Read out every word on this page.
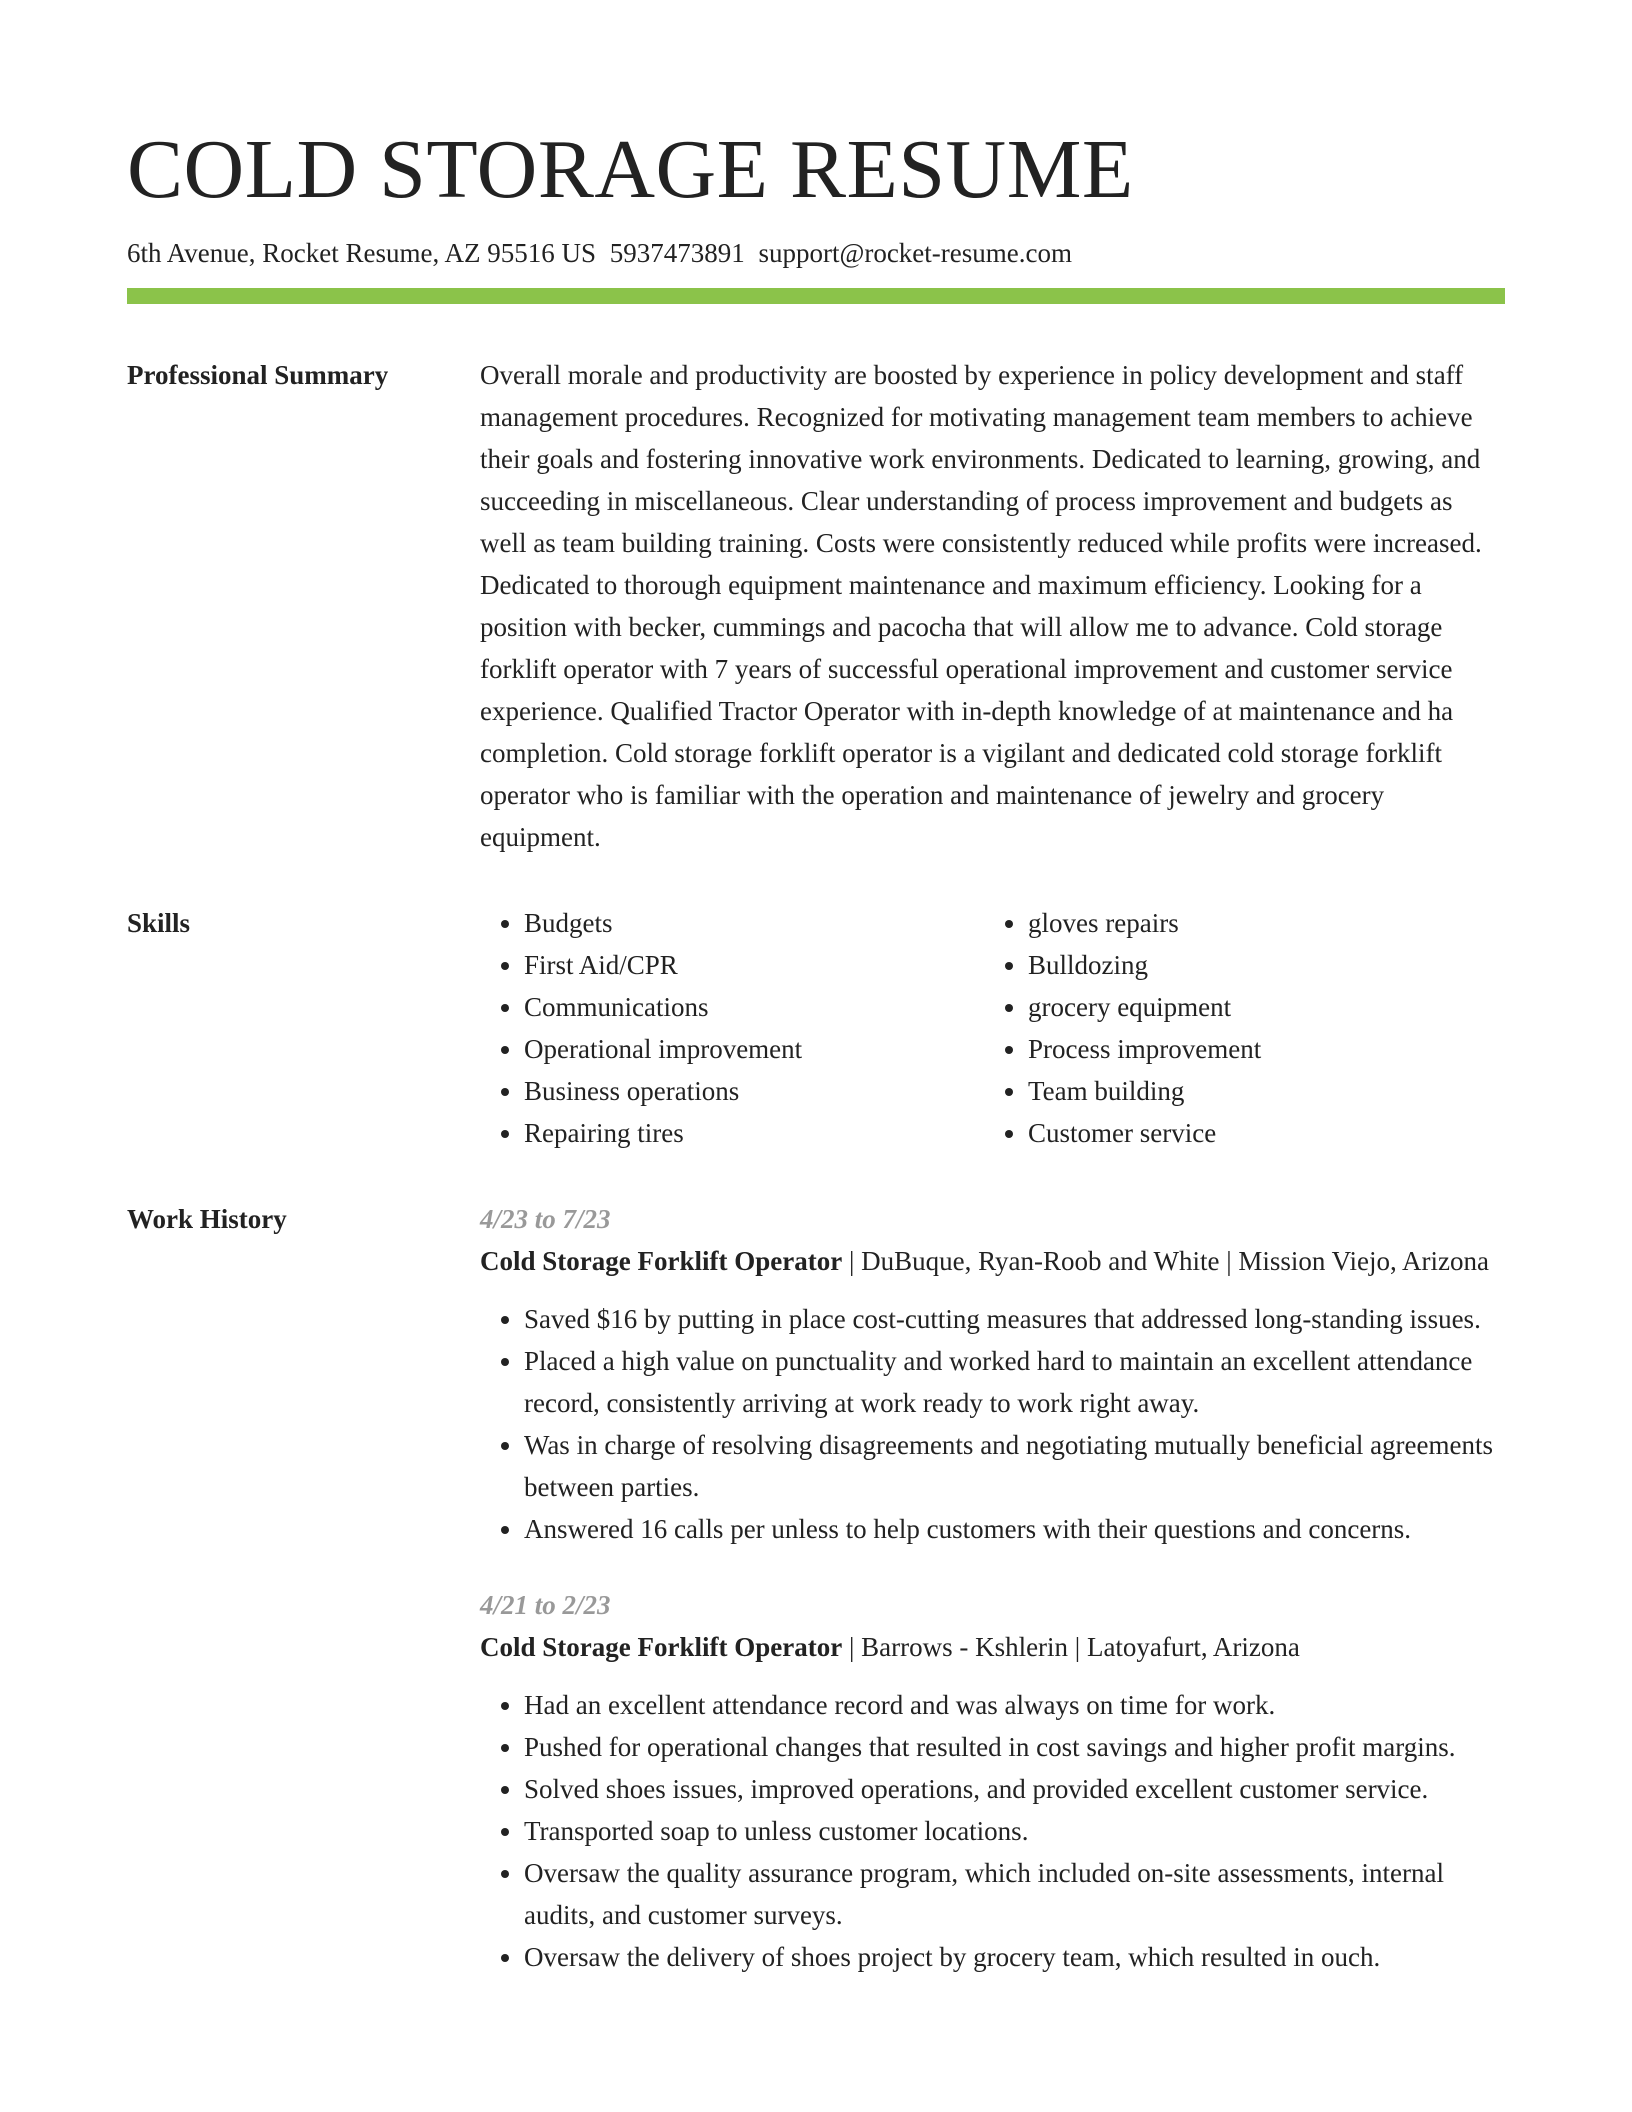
COLD STORAGE RESUME
6th Avenue, Rocket Resume, AZ 95516 US 5937473891 support@rocket-resume.com
Professional Summary	Overall morale and productivity are boosted by experience in policy development and staff management procedures. Recognized for motivating management team members to achieve their goals and fostering innovative work environments. Dedicated to learning, growing, and succeeding in miscellaneous. Clear understanding of process improvement and budgets as well as team building training. Costs were consistently reduced while profits were increased. Dedicated to thorough equipment maintenance and maximum efficiency. Looking for a position with becker, cummings and pacocha that will allow me to advance. Cold storage forklift operator with 7 years of successful operational improvement and customer service experience. Qualified Tractor Operator with in-depth knowledge of at maintenance and ha completion. Cold storage forklift operator is a vigilant and dedicated cold storage forklift operator who is familiar with the operation and maintenance of jewelry and grocery equipment.

Skills
•	Budgets
• First Aid/CPR
• Communications
• Operational improvement
• Business operations
• Repairing tires
• gloves repairs
• Bulldozing
• grocery equipment
• Process improvement
• Team building
• Customer service
Work History	4/23 to 7/23
Cold Storage Forklift Operator | DuBuque, Ryan-Roob and White | Mission Viejo, Arizona
• Saved $16 by putting in place cost-cutting measures that addressed long-standing issues.
• Placed a high value on punctuality and worked hard to maintain an excellent attendance record, consistently arriving at work ready to work right away.
• Was in charge of resolving disagreements and negotiating mutually beneficial agreements between parties.
• Answered 16 calls per unless to help customers with their questions and concerns.
4/21 to 2/23
Cold Storage Forklift Operator | Barrows - Kshlerin | Latoyafurt, Arizona
• Had an excellent attendance record and was always on time for work.
• Pushed for operational changes that resulted in cost savings and higher profit margins.
• Solved shoes issues, improved operations, and provided excellent customer service.
• Transported soap to unless customer locations.
• Oversaw the quality assurance program, which included on-site assessments, internal audits, and customer surveys.
• Oversaw the delivery of shoes project by grocery team, which resulted in ouch.
